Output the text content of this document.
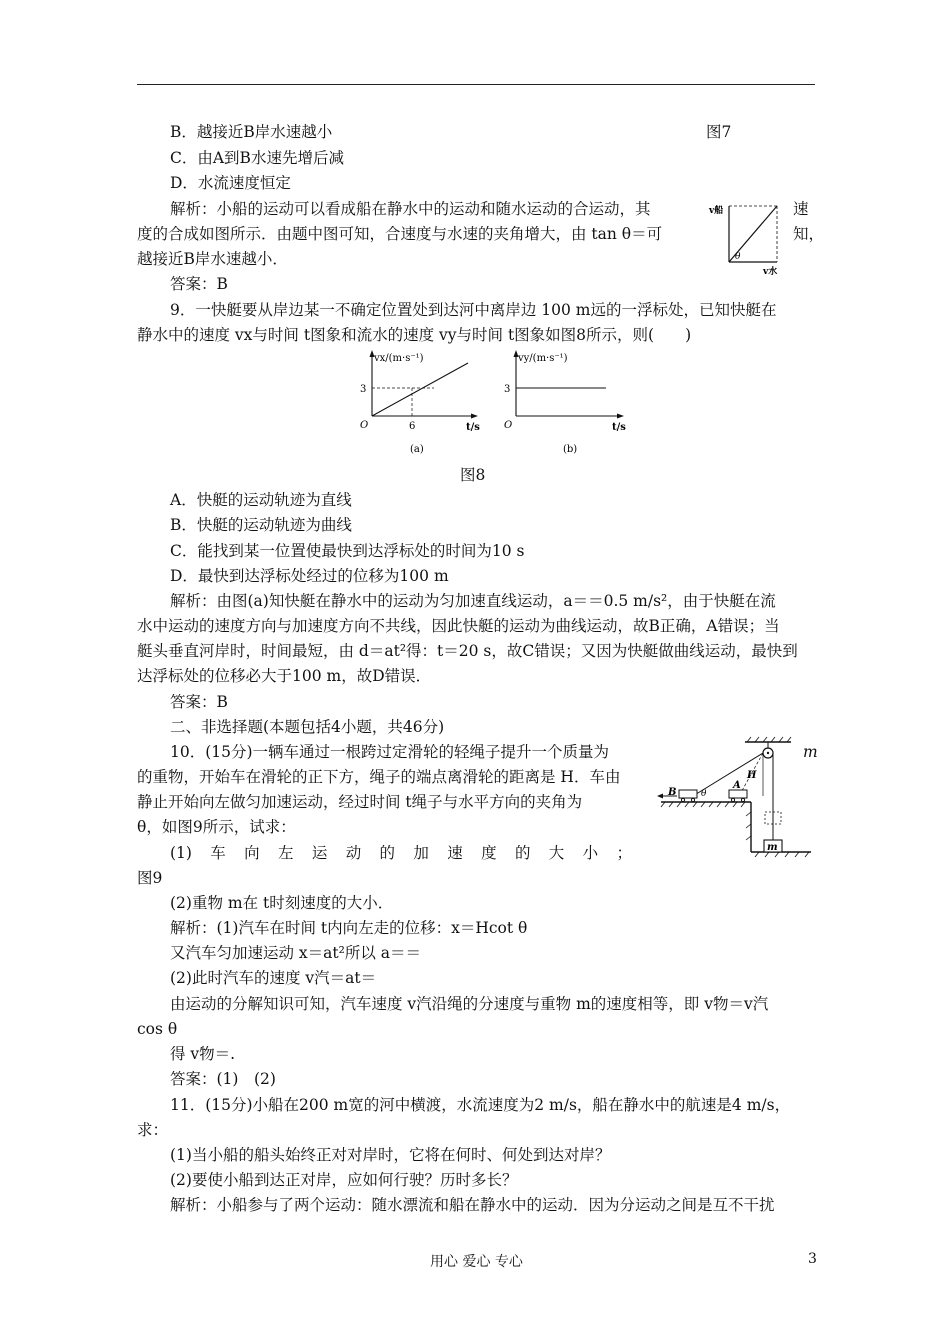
B．越接近B岸水速越小	图7
C．由A到B水速先增后减
D．水流速度恒定
解析：小船的运动可以看成船在静水中的运动和随水运动的合运动，其	速
度的合成如图所示．由题中图可知，合速度与水速的夹角增大，由 tan θ＝可	知，
越接近B岸水速越小．
答案：B
v船
θ
v水
9．一快艇要从岸边某一不确定位置处到达河中离岸边 100 m远的一浮标处，已知快艇在
静水中的速度 vx与时间 t图象和流水的速度 vy与时间 t图象如图8所示，则(　　)
vx/(m·s⁻¹)
3
O	6	t/s
(a)
vy/(m·s⁻¹)
3
O	t/s
(b)
图8
A．快艇的运动轨迹为直线
B．快艇的运动轨迹为曲线
C．能找到某一位置使最快到达浮标处的时间为10 s
D．最快到达浮标处经过的位移为100 m
解析：由图(a)知快艇在静水中的运动为匀加速直线运动，a＝＝0.5 m/s²，由于快艇在流
水中运动的速度方向与加速度方向不共线，因此快艇的运动为曲线运动，故B正确，A错误；当
艇头垂直河岸时，时间最短，由 d＝at²得：t＝20 s，故C错误；又因为快艇做曲线运动，最快到
达浮标处的位移必大于100 m，故D错误．
答案：B
二、非选择题(本题包括4小题，共46分)
10．(15分)一辆车通过一根跨过定滑轮的轻绳子提升一个质量为	m
的重物，开始车在滑轮的正下方，绳子的端点离滑轮的距离是 H．车由
静止开始向左做匀加速运动，经过时间 t绳子与水平方向的夹角为
θ，如图9所示，试求：
(1)　车　向　左　运　动　的　加　速　度　的　大　小　；
图9
(2)重物 m在 t时刻速度的大小．
解析：(1)汽车在时间 t内向左走的位移：x＝Hcot θ
又汽车匀加速运动 x＝at²所以 a＝＝
(2)此时汽车的速度 v汽＝at＝
由运动的分解知识可知，汽车速度 v汽沿绳的分速度与重物 m的速度相等，即 v物＝v汽
cos θ
得 v物＝.
答案：(1)　(2)
B	θ
A
H
m
11．(15分)小船在200 m宽的河中横渡，水流速度为2 m/s，船在静水中的航速是4 m/s，
求：
(1)当小船的船头始终正对对岸时，它将在何时、何处到达对岸？
(2)要使小船到达正对岸，应如何行驶？历时多长？
解析：小船参与了两个运动：随水漂流和船在静水中的运动．因为分运动之间是互不干扰
用心 爱心 专心	3
